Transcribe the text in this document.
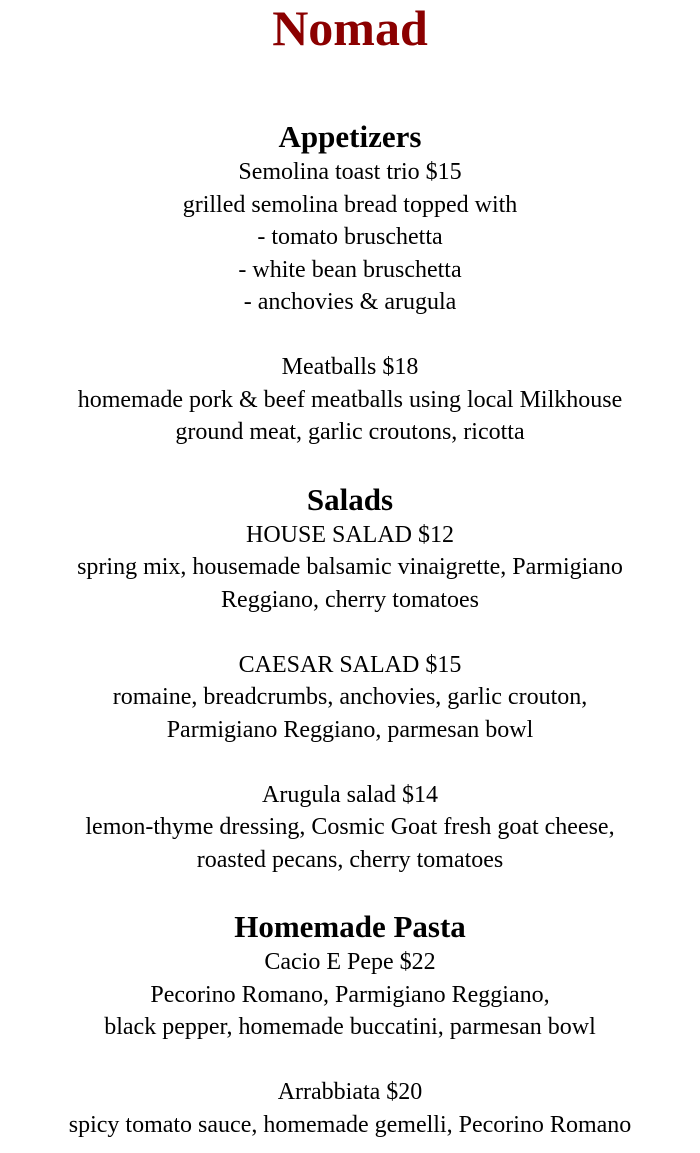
Nomad
Appetizers
Semolina toast trio $15
grilled semolina bread topped with
- tomato bruschetta
- white bean bruschetta
- anchovies & arugula
Meatballs $18
homemade pork & beef meatballs using local Milkhouse
ground meat, garlic croutons, ricotta
Salads
HOUSE SALAD $12
spring mix, housemade balsamic vinaigrette, Parmigiano
Reggiano, cherry tomatoes
CAESAR SALAD $15
romaine, breadcrumbs, anchovies, garlic crouton,
Parmigiano Reggiano, parmesan bowl
Arugula salad $14
lemon-thyme dressing, Cosmic Goat fresh goat cheese,
roasted pecans, cherry tomatoes
Homemade Pasta
Cacio E Pepe $22
Pecorino Romano, Parmigiano Reggiano,
black pepper, homemade buccatini, parmesan bowl
Arrabbiata $20
spicy tomato sauce, homemade gemelli, Pecorino Romano
